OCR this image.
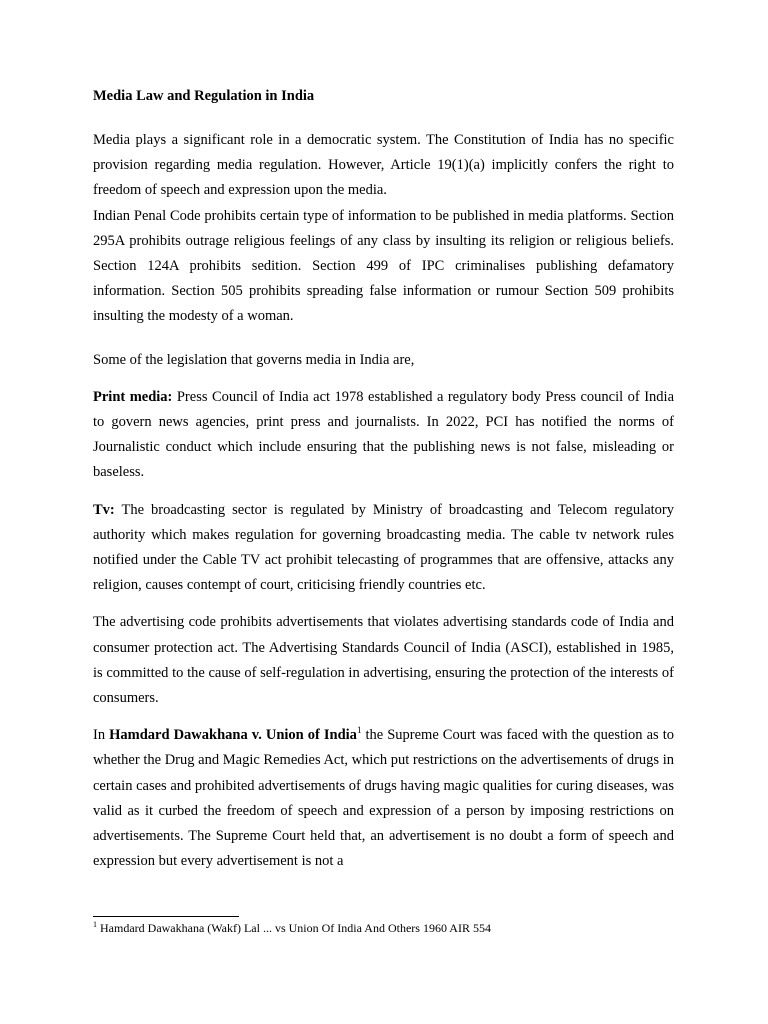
Media Law and Regulation in India

Media plays a significant role in a democratic system. The Constitution of India has no specific provision regarding media regulation. However, Article 19(1)(a) implicitly confers the right to freedom of speech and expression upon the media.

Indian Penal Code prohibits certain type of information to be published in media platforms. Section 295A prohibits outrage religious feelings of any class by insulting its religion or religious beliefs. Section 124A prohibits sedition. Section 499 of IPC criminalises publishing defamatory information. Section 505 prohibits spreading false information or rumour Section 509 prohibits insulting the modesty of a woman.

Some of the legislation that governs media in India are,

Print media: Press Council of India act 1978 established a regulatory body Press council of India to govern news agencies, print press and journalists. In 2022, PCI has notified the norms of Journalistic conduct which include ensuring that the publishing news is not false, misleading or baseless.

Tv: The broadcasting sector is regulated by Ministry of broadcasting and Telecom regulatory authority which makes regulation for governing broadcasting media. The cable tv network rules notified under the Cable TV act prohibit telecasting of programmes that are offensive, attacks any religion, causes contempt of court, criticising friendly countries etc.

The advertising code prohibits advertisements that violates advertising standards code of India and consumer protection act. The Advertising Standards Council of India (ASCI), established in 1985, is committed to the cause of self-regulation in advertising, ensuring the protection of the interests of consumers.

In Hamdard Dawakhana v. Union of India$^1$ the Supreme Court was faced with the question as to whether the Drug and Magic Remedies Act, which put restrictions on the advertisements of drugs in certain cases and prohibited advertisements of drugs having magic qualities for curing diseases, was valid as it curbed the freedom of speech and expression of a person by imposing restrictions on advertisements. The Supreme Court held that, an advertisement is no doubt a form of speech and expression but every advertisement is not a

$^1$ Hamdard Dawakhana (Wakf) Lal ... vs Union Of India And Others 1960 AIR 554
